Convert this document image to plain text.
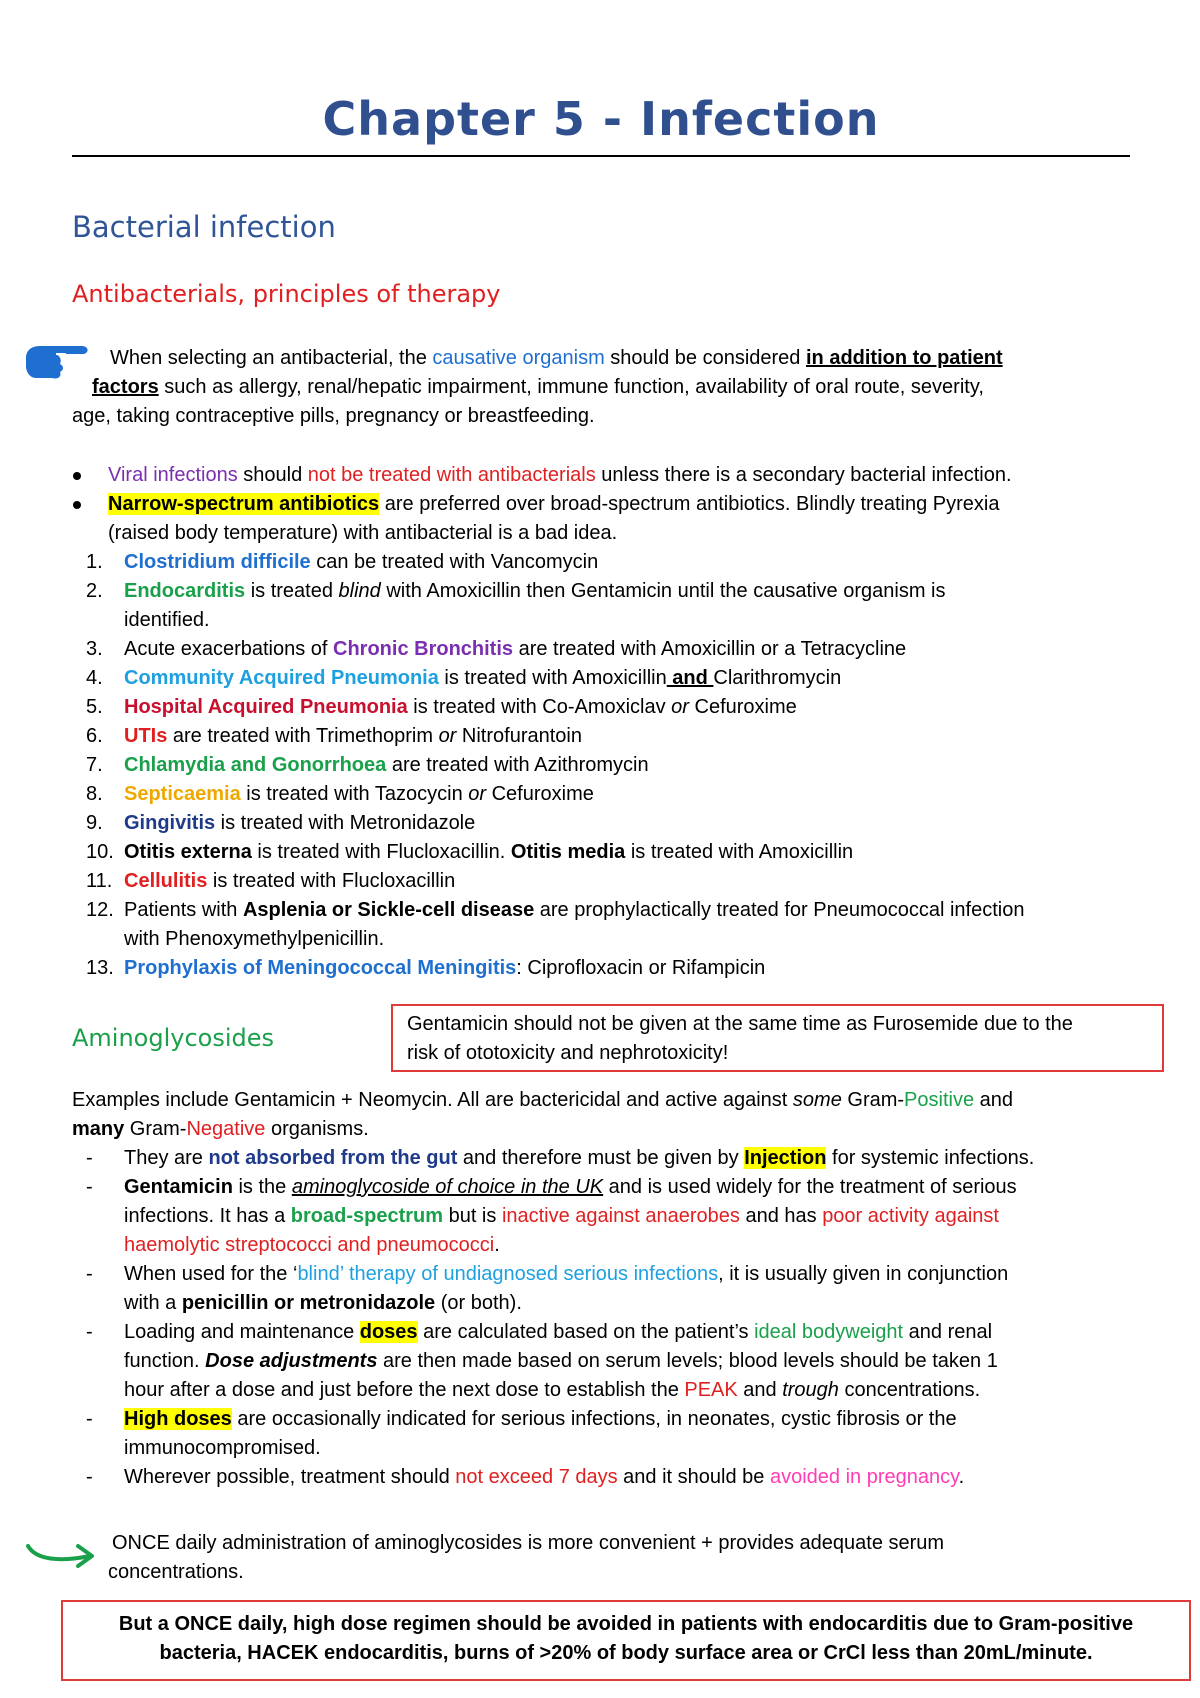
Chapter 5 - Infection
Bacterial infection
Antibacterials, principles of therapy
When selecting an antibacterial, the causative organism should be considered in addition to patient
factors such as allergy, renal/hepatic impairment, immune function, availability of oral route, severity,
age, taking contraceptive pills, pregnancy or breastfeeding.
Viral infections should not be treated with antibacterials unless there is a secondary bacterial infection.
Narrow-spectrum antibiotics are preferred over broad-spectrum antibiotics. Blindly treating Pyrexia
(raised body temperature) with antibacterial is a bad idea.
1. Clostridium difficile can be treated with Vancomycin
2. Endocarditis is treated blind with Amoxicillin then Gentamicin until the causative organism is
identified.
3. Acute exacerbations of Chronic Bronchitis are treated with Amoxicillin or a Tetracycline
4. Community Acquired Pneumonia is treated with Amoxicillin and Clarithromycin
5. Hospital Acquired Pneumonia is treated with Co-Amoxiclav or Cefuroxime
6. UTIs are treated with Trimethoprim or Nitrofurantoin
7. Chlamydia and Gonorrhoea are treated with Azithromycin
8. Septicaemia is treated with Tazocycin or Cefuroxime
9. Gingivitis is treated with Metronidazole
10. Otitis externa is treated with Flucloxacillin. Otitis media is treated with Amoxicillin
11. Cellulitis is treated with Flucloxacillin
12. Patients with Asplenia or Sickle-cell disease are prophylactically treated for Pneumococcal infection
with Phenoxymethylpenicillin.
13. Prophylaxis of Meningococcal Meningitis: Ciprofloxacin or Rifampicin
Aminoglycosides	Gentamicin should not be given at the same time as Furosemide due to the
risk of ototoxicity and nephrotoxicity!
Examples include Gentamicin + Neomycin. All are bactericidal and active against some Gram-Positive and
many Gram-Negative organisms.
- They are not absorbed from the gut and therefore must be given by Injection for systemic infections.
- Gentamicin is the aminoglycoside of choice in the UK and is used widely for the treatment of serious
infections. It has a broad-spectrum but is inactive against anaerobes and has poor activity against
haemolytic streptococci and pneumococci.
- When used for the ‘blind’ therapy of undiagnosed serious infections, it is usually given in conjunction
with a penicillin or metronidazole (or both).
- Loading and maintenance doses are calculated based on the patient’s ideal bodyweight and renal
function. Dose adjustments are then made based on serum levels; blood levels should be taken 1
hour after a dose and just before the next dose to establish the PEAK and trough concentrations.
- High doses are occasionally indicated for serious infections, in neonates, cystic fibrosis or the
immunocompromised.
- Wherever possible, treatment should not exceed 7 days and it should be avoided in pregnancy.
ONCE daily administration of aminoglycosides is more convenient + provides adequate serum
concentrations.
But a ONCE daily, high dose regimen should be avoided in patients with endocarditis due to Gram-positive
bacteria, HACEK endocarditis, burns of >20% of body surface area or CrCl less than 20mL/minute.
